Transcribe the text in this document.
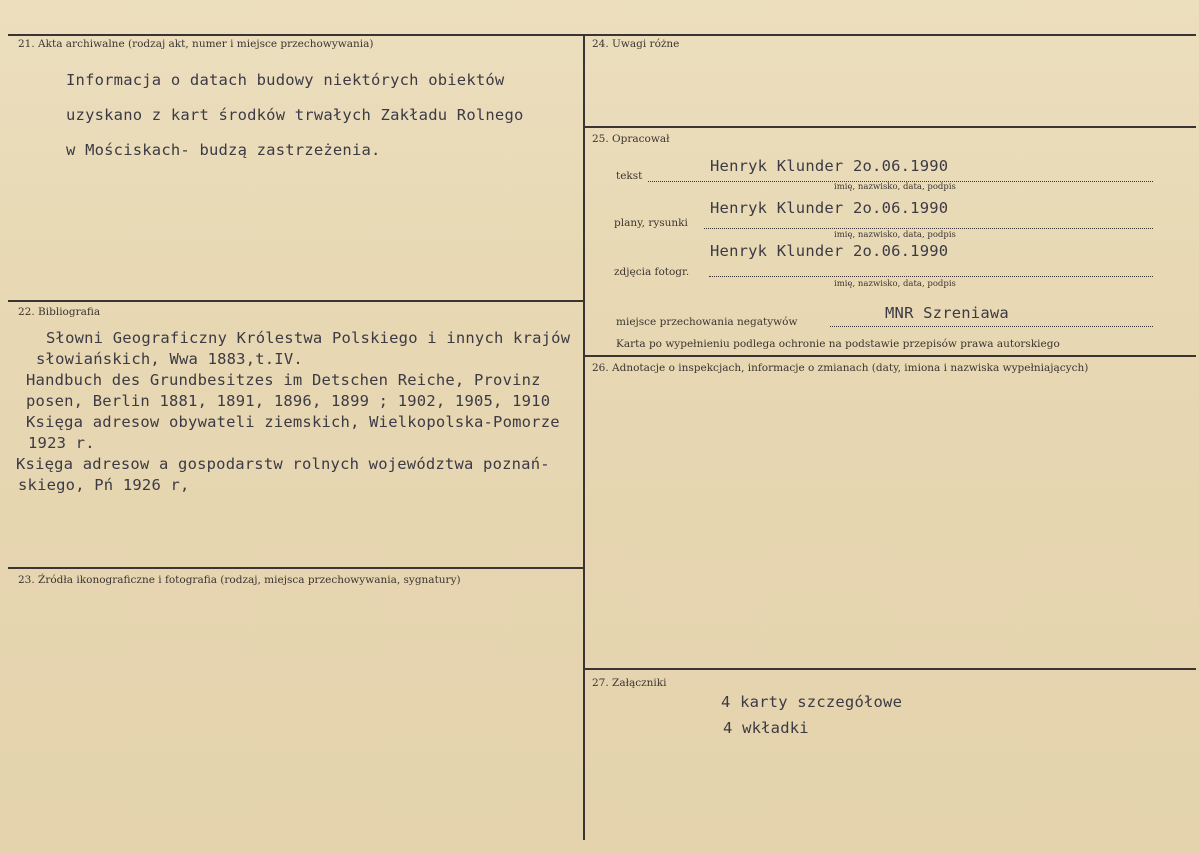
21. Akta archiwalne (rodzaj akt, numer i miejsce przechowywania)
Informacja o datach budowy niektórych obiektów
uzyskano z kart środków trwałych Zakładu Rolnego
w Mościskach- budzą zastrzeżenia.
22. Bibliografia
Słowni Geograficzny Królestwa Polskiego i innych krajów
słowiańskich, Wwa 1883,t.IV.
Handbuch des Grundbesitzes im Detschen Reiche, Provinz
posen, Berlin 1881, 1891, 1896, 1899 ; 1902, 1905, 1910
Księga adresow obywateli ziemskich, Wielkopolska-Pomorze
1923 r.
Księga adresow a gospodarstw rolnych województwa poznań-
skiego, Pń 1926 r,
23. Źródła ikonograficzne i fotografia (rodzaj, miejsca przechowywania, sygnatury)
24. Uwagi różne
25. Opracował
tekst
Henryk Klunder 2o.06.1990
imię, nazwisko, data, podpis
plany, rysunki
Henryk Klunder 2o.06.1990
imię, nazwisko, data, podpis
zdjęcia fotogr.
Henryk Klunder 2o.06.1990
imię, nazwisko, data, podpis
miejsce przechowania negatywów	MNR Szreniawa
Karta po wypełnieniu podlega ochronie na podstawie przepisów prawa autorskiego
26. Adnotacje o inspekcjach, informacje o zmianach (daty, imiona i nazwiska wypełniających)
27. Załączniki
4 karty szczegółowe
4 wkładki
